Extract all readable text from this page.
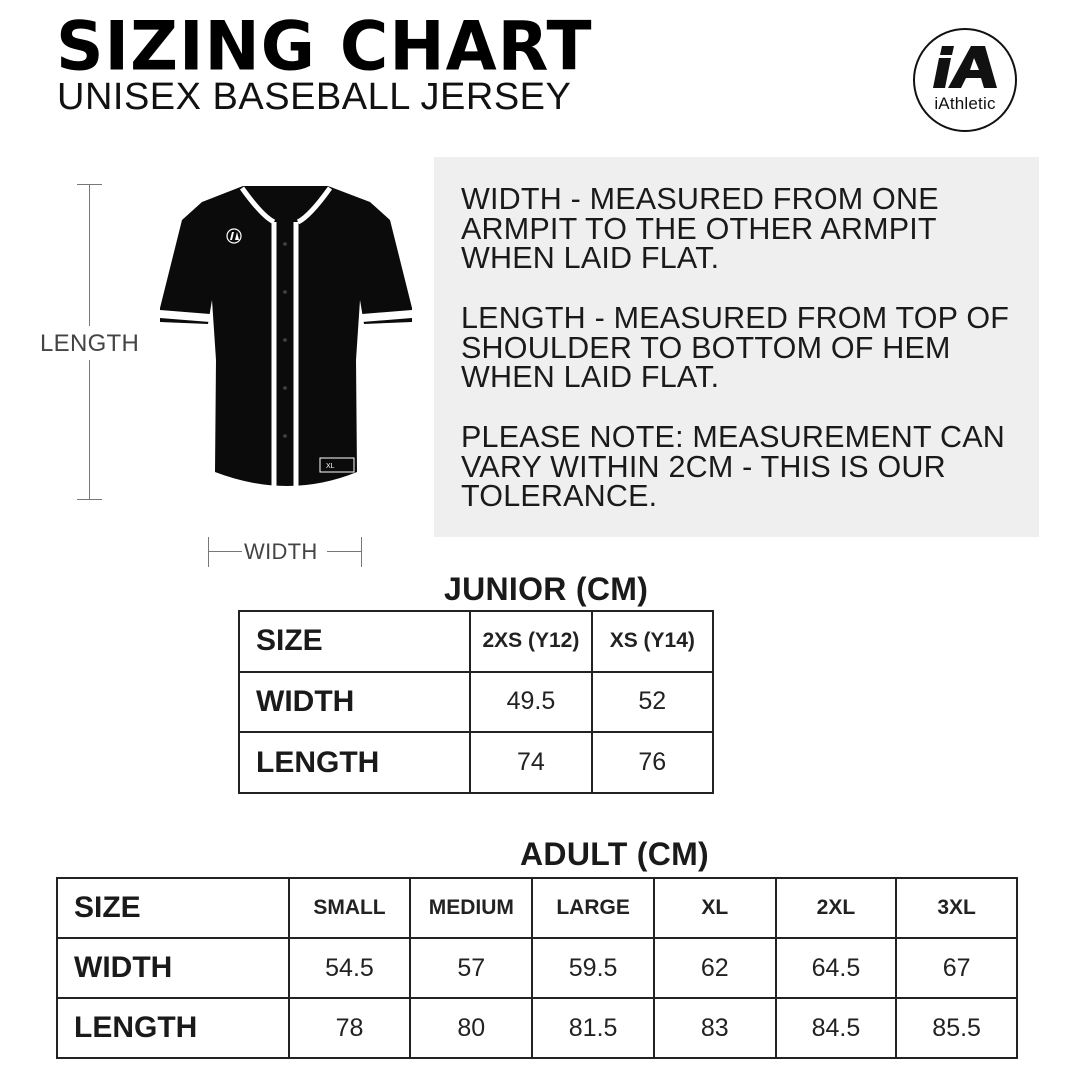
SIZING CHART
UNISEX BASEBALL JERSEY	iAthletic
LENGTH
WIDTH
XL

WIDTH - MEASURED FROM ONE ARMPIT TO THE OTHER ARMPIT WHEN LAID FLAT.

LENGTH - MEASURED FROM TOP OF SHOULDER TO BOTTOM OF HEM WHEN LAID FLAT.

PLEASE NOTE: MEASUREMENT CAN VARY WITHIN 2CM - THIS IS OUR TOLERANCE.

JUNIOR (CM)
SIZE	2XS (Y12)	XS (Y14)
WIDTH	49.5	52
LENGTH	74	76
ADULT (CM)
SIZE	SMALL	MEDIUM	LARGE	XL	2XL	3XL
WIDTH	54.5	57	59.5	62	64.5	67
LENGTH	78	80	81.5	83	84.5	85.5
